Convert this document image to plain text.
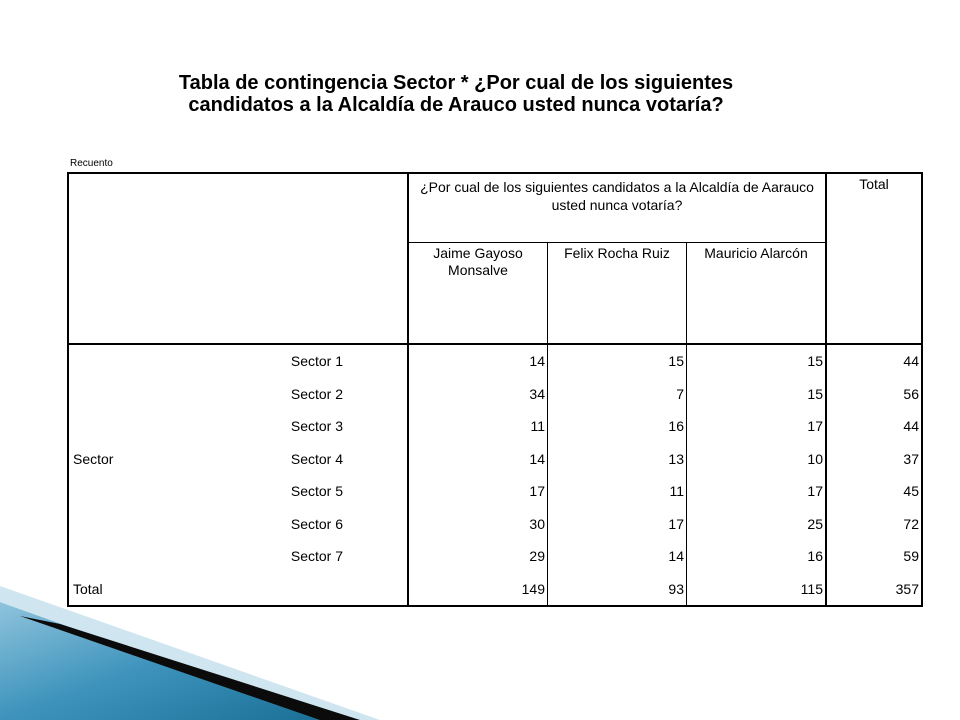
Tabla de contingencia Sector * ¿Por cual de los siguientes
candidatos a la Alcaldía de Arauco usted nunca votaría?
Recuento
		¿Por cual de los siguientes candidatos a la Alcaldía de Aarauco usted nunca votaría?			Total
		Jaime Gayoso Monsalve	Felix Rocha Ruiz	Mauricio Alarcón	
Sector	Sector 1	14	15	15	44
	Sector 2	34	7	15	56
	Sector 3	11	16	17	44
	Sector 4	14	13	10	37
	Sector 5	17	11	17	45
	Sector 6	30	17	25	72
	Sector 7	29	14	16	59
Total		149	93	115	357
